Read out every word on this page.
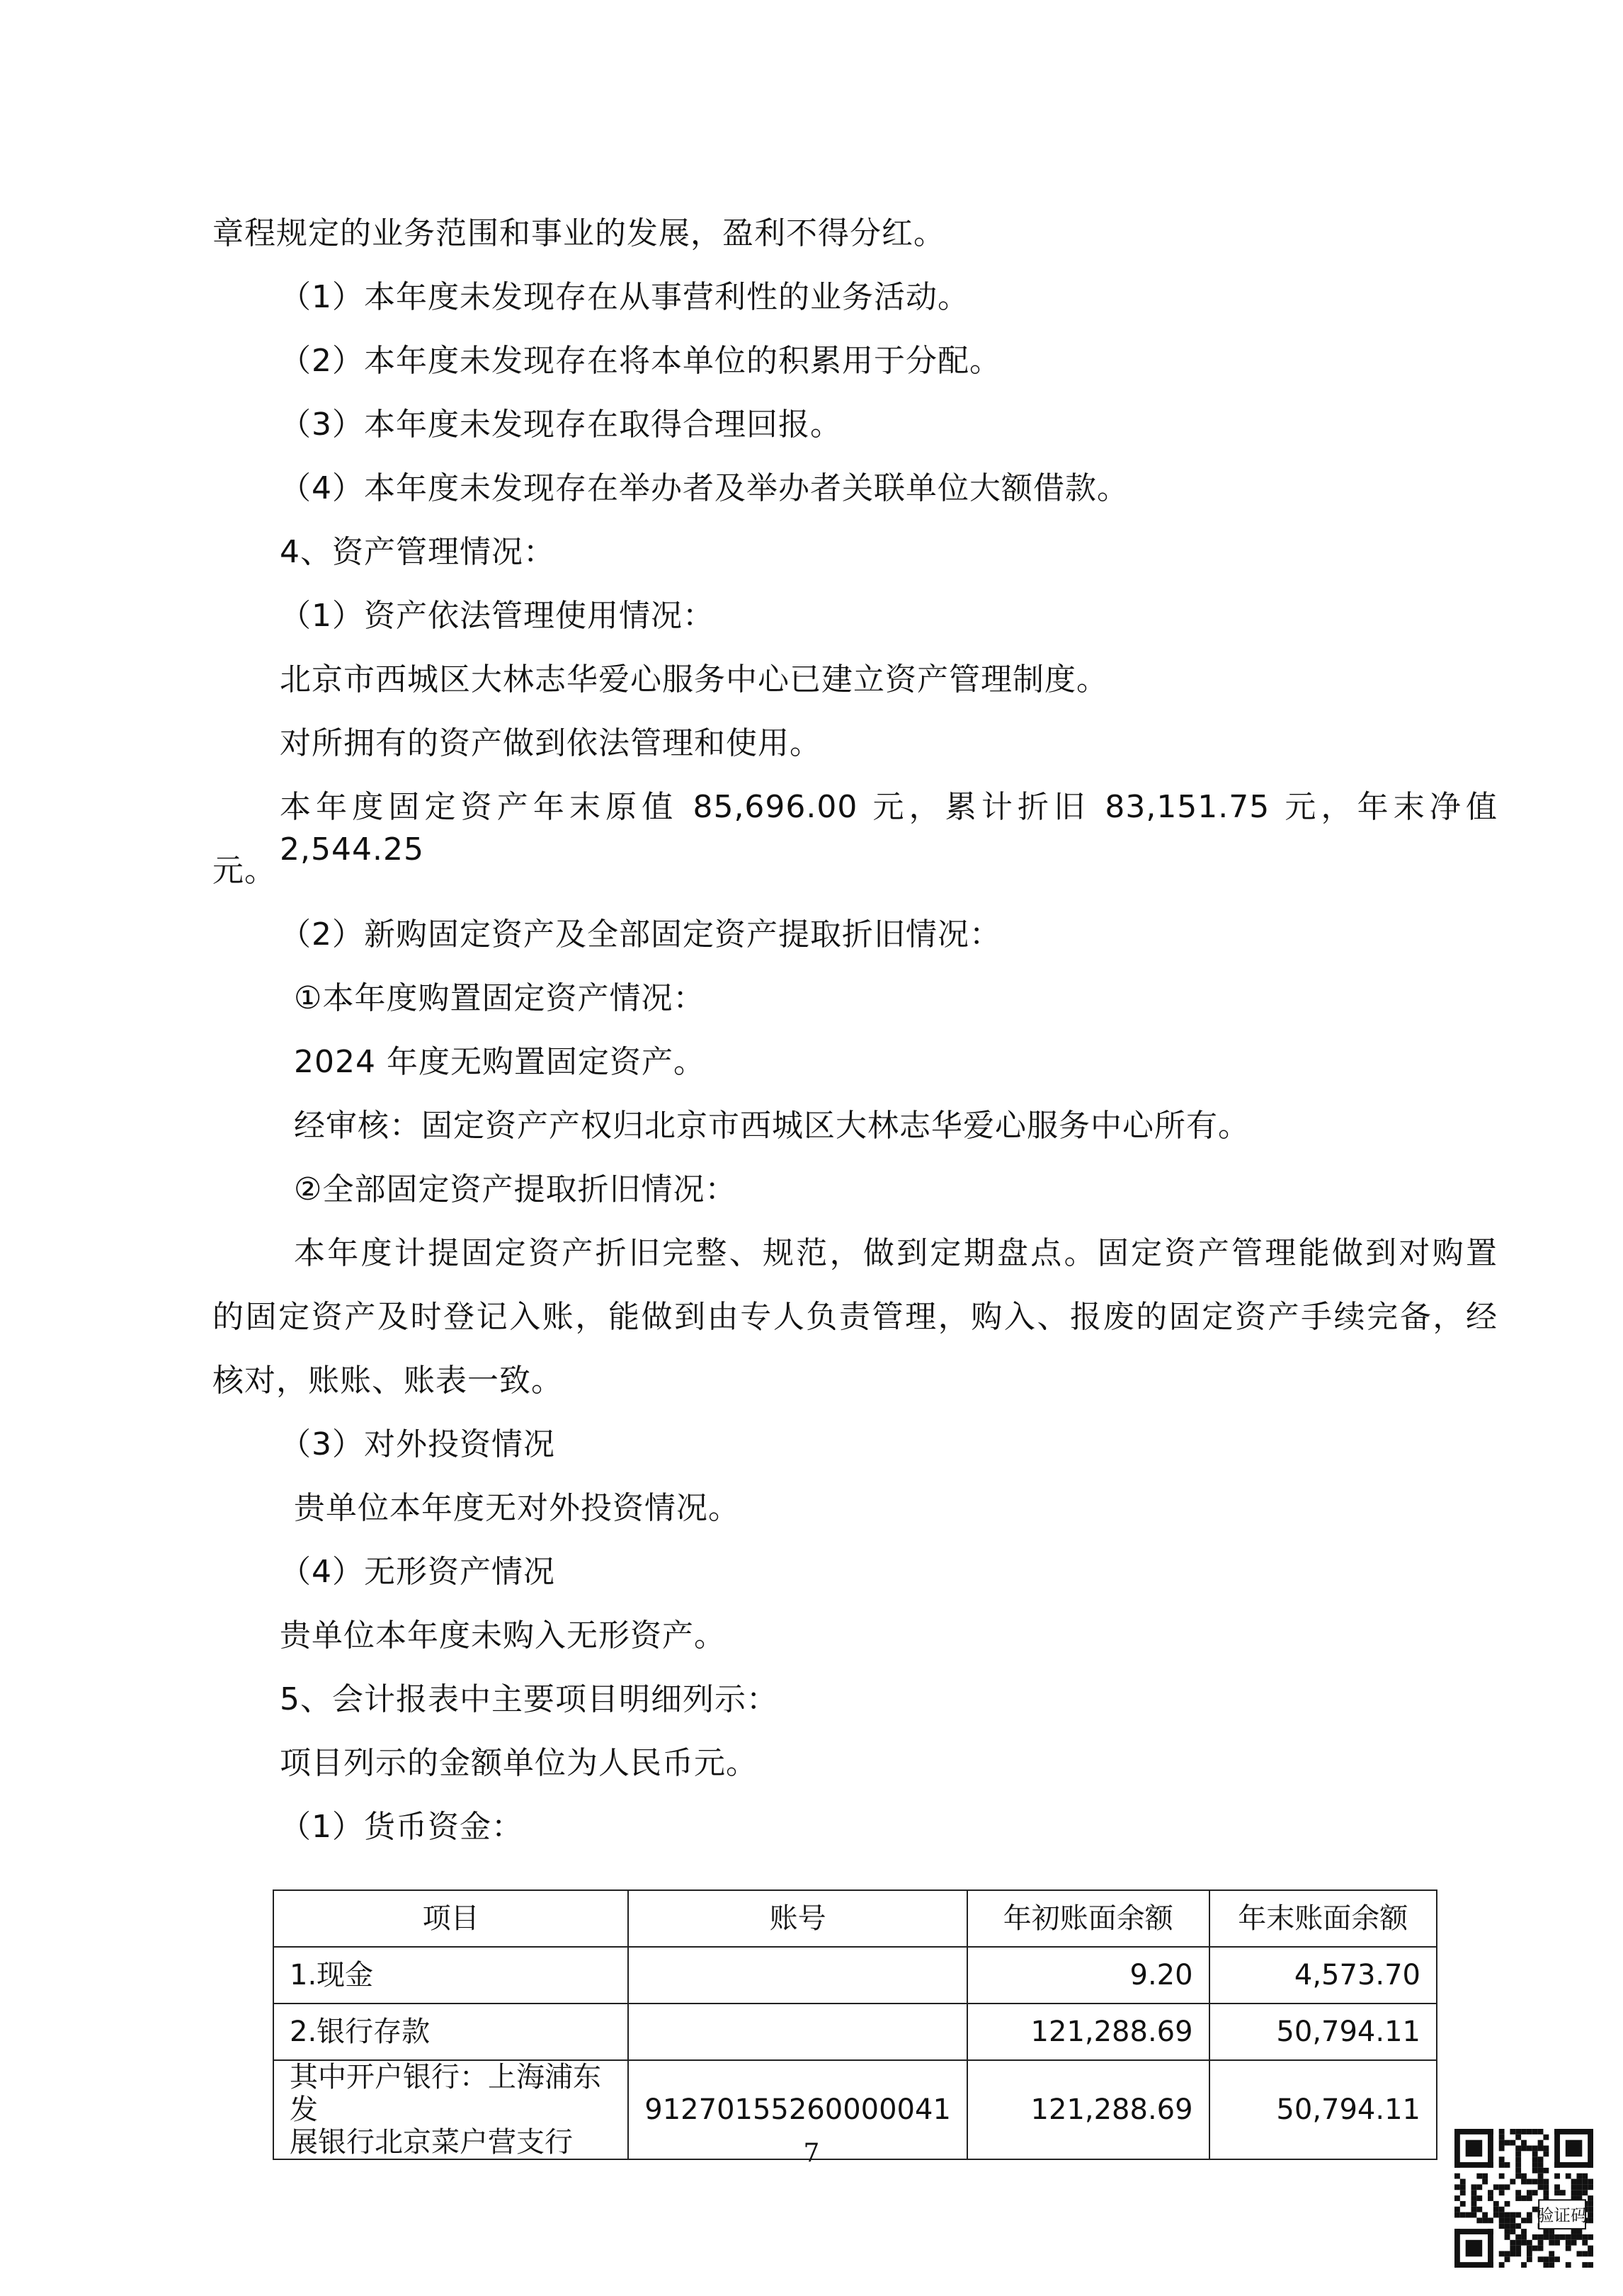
章程规定的业务范围和事业的发展，盈利不得分红。
（1）本年度未发现存在从事营利性的业务活动。
（2）本年度未发现存在将本单位的积累用于分配。
（3）本年度未发现存在取得合理回报。
（4）本年度未发现存在举办者及举办者关联单位大额借款。
4、资产管理情况：
（1）资产依法管理使用情况：
北京市西城区大林志华爱心服务中心已建立资产管理制度。
对所拥有的资产做到依法管理和使用。
本年度固定资产年末原值 85,696.00 元，累计折旧 83,151.75 元，年末净值 2,544.25
元。
（2）新购固定资产及全部固定资产提取折旧情况：
①本年度购置固定资产情况：
2024 年度无购置固定资产。
经审核：固定资产产权归北京市西城区大林志华爱心服务中心所有。
②全部固定资产提取折旧情况：
本年度计提固定资产折旧完整、规范，做到定期盘点。固定资产管理能做到对购置
的固定资产及时登记入账，能做到由专人负责管理，购入、报废的固定资产手续完备，经
核对，账账、账表一致。
（3）对外投资情况
贵单位本年度无对外投资情况。
（4）无形资产情况
贵单位本年度未购入无形资产。
5、会计报表中主要项目明细列示：
项目列示的金额单位为人民币元。
（1）货币资金：
项目	账号	年初账面余额	年末账面余额
1.现金		9.20	4,573.70
2.银行存款		121,288.69	50,794.11

其中开户银行：上海浦东发
展银行北京菜户营支行	91270155260000041	121,288.69	50,794.11
7
验证码
